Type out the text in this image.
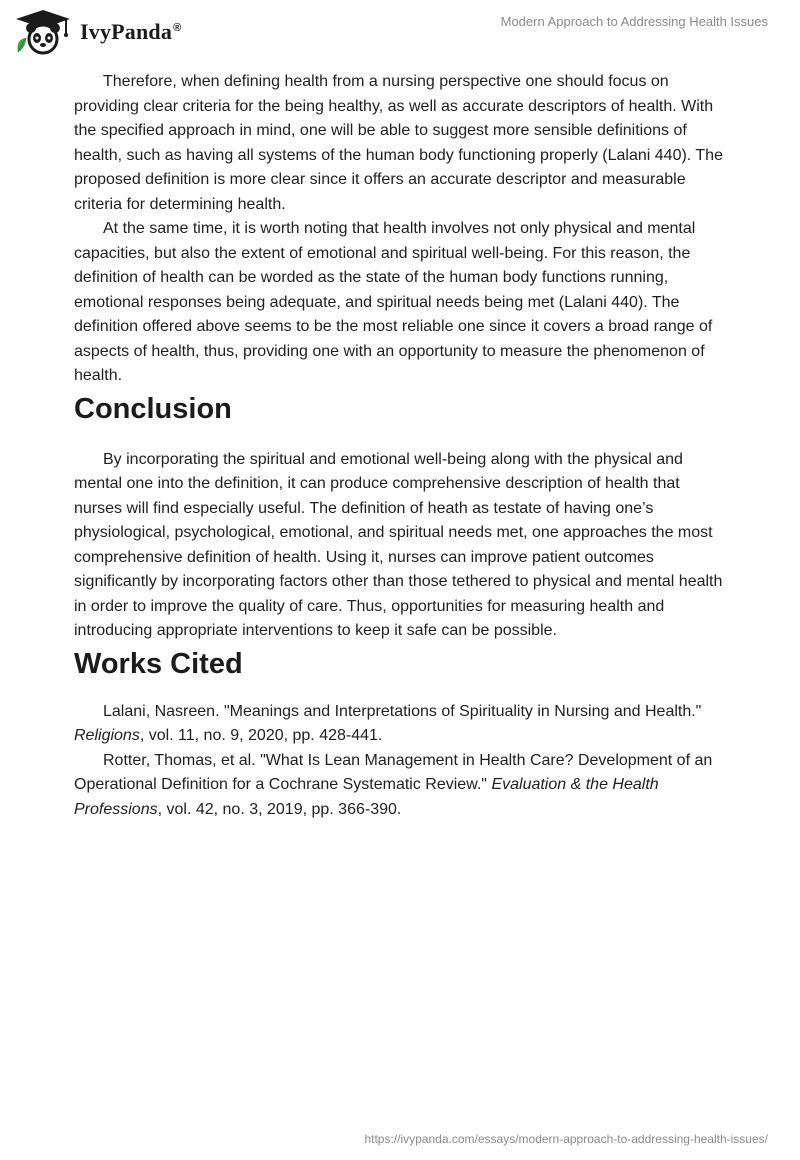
IvyPanda®	Modern Approach to Addressing Health Issues

Therefore, when defining health from a nursing perspective one should focus on providing clear criteria for the being healthy, as well as accurate descriptors of health. With the specified approach in mind, one will be able to suggest more sensible definitions of health, such as having all systems of the human body functioning properly (Lalani 440). The proposed definition is more clear since it offers an accurate descriptor and measurable criteria for determining health.

At the same time, it is worth noting that health involves not only physical and mental capacities, but also the extent of emotional and spiritual well-being. For this reason, the definition of health can be worded as the state of the human body functions running, emotional responses being adequate, and spiritual needs being met (Lalani 440). The definition offered above seems to be the most reliable one since it covers a broad range of aspects of health, thus, providing one with an opportunity to measure the phenomenon of health.

Conclusion

By incorporating the spiritual and emotional well-being along with the physical and mental one into the definition, it can produce comprehensive description of health that nurses will find especially useful. The definition of heath as testate of having one’s physiological, psychological, emotional, and spiritual needs met, one approaches the most comprehensive definition of health. Using it, nurses can improve patient outcomes significantly by incorporating factors other than those tethered to physical and mental health in order to improve the quality of care. Thus, opportunities for measuring health and introducing appropriate interventions to keep it safe can be possible.

Works Cited

Lalani, Nasreen. "Meanings and Interpretations of Spirituality in Nursing and Health." Religions, vol. 11, no. 9, 2020, pp. 428-441.

Rotter, Thomas, et al. "What Is Lean Management in Health Care? Development of an Operational Definition for a Cochrane Systematic Review." Evaluation & the Health Professions, vol. 42, no. 3, 2019, pp. 366-390.

https://ivypanda.com/essays/modern-approach-to-addressing-health-issues/
